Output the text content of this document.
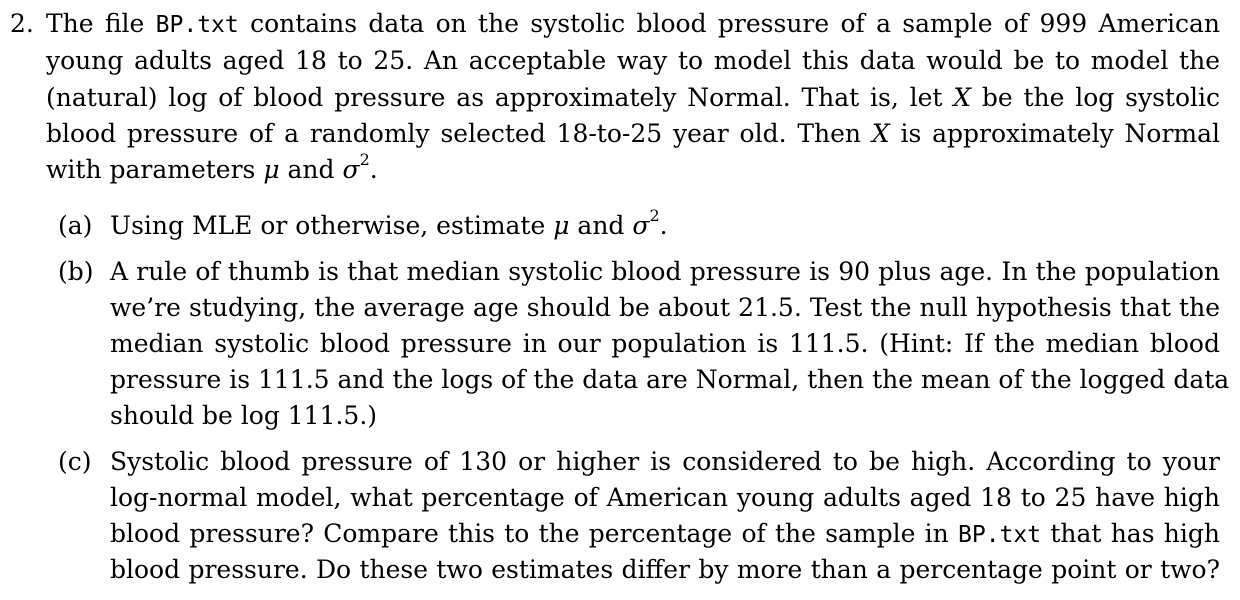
2. The file BP.txt contains data on the systolic blood pressure of a sample of 999 American
young adults aged 18 to 25. An acceptable way to model this data would be to model the
(natural) log of blood pressure as approximately Normal. That is, let X be the log systolic
blood pressure of a randomly selected 18-to-25 year old. Then X is approximately Normal
with parameters μ and $\sigma^2$.
(a) Using MLE or otherwise, estimate μ and $\sigma^2$.
(b) A rule of thumb is that median systolic blood pressure is 90 plus age. In the population
we’re studying, the average age should be about 21.5. Test the null hypothesis that the
median systolic blood pressure in our population is 111.5. (Hint: If the median blood
pressure is 111.5 and the logs of the data are Normal, then the mean of the logged data
should be log 111.5.)
(c) Systolic blood pressure of 130 or higher is considered to be high. According to your
log-normal model, what percentage of American young adults aged 18 to 25 have high
blood pressure? Compare this to the percentage of the sample in BP.txt that has high
blood pressure. Do these two estimates differ by more than a percentage point or two?
